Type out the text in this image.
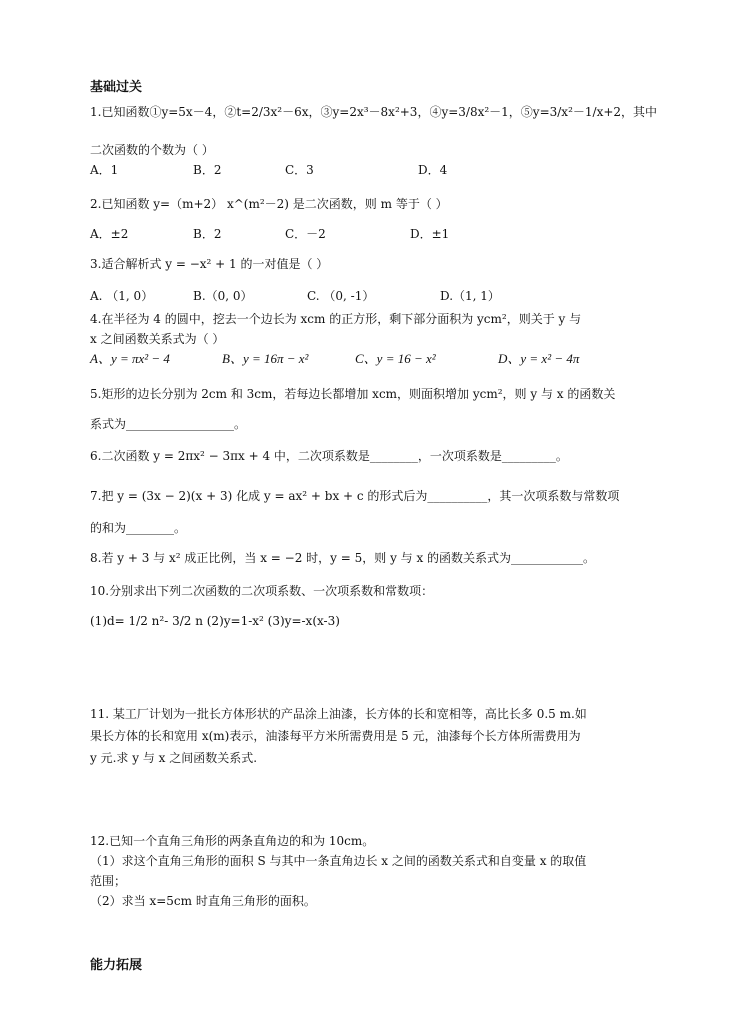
基础过关
1.已知函数①y=5x－4，②t=2/3x²－6x，③y=2x³－8x²+3，④y=3/8x²－1，⑤y=3/x²－1/x+2，其中
二次函数的个数为（ ）
A．1	B．2	C．3	D．4
2.已知函数 y=（m+2） x^(m²－2) 是二次函数，则 m 等于（ ）
A．±2	B．2	C．－2	D．±1
3.适合解析式 y = −x² + 1 的一对值是（ ）
A. （1, 0）	B.（0, 0）	C. （0, -1）	D.（1, 1）
4.在半径为 4 的圆中，挖去一个边长为 xcm 的正方形，剩下部分面积为 ycm²，则关于 y 与
x 之间函数关系式为（ ）
A、y = πx² − 4	B、y = 16π − x²	C、y = 16 − x²	D、y = x² − 4π
5.矩形的边长分别为 2cm 和 3cm，若每边长都增加 xcm，则面积增加 ycm²，则 y 与 x 的函数关
系式为__________________。
6.二次函数 y = 2πx² − 3πx + 4 中，二次项系数是________，一次项系数是_________。
7.把 y = (3x − 2)(x + 3) 化成 y = ax² + bx + c 的形式后为__________，其一次项系数与常数项
的和为________。
8.若 y + 3 与 x² 成正比例，当 x = −2 时，y = 5，则 y 与 x 的函数关系式为____________。
10.分别求出下列二次函数的二次项系数、一次项系数和常数项：
(1)d= 1/2 n²- 3/2 n (2)y=1-x² (3)y=-x(x-3)
11. 某工厂计划为一批长方体形状的产品涂上油漆，长方体的长和宽相等，高比长多 0.5 m.如
果长方体的长和宽用 x(m)表示，油漆每平方米所需费用是 5 元，油漆每个长方体所需费用为
y 元.求 y 与 x 之间函数关系式.
12.已知一个直角三角形的两条直角边的和为 10cm。
（1）求这个直角三角形的面积 S 与其中一条直角边长 x 之间的函数关系式和自变量 x 的取值
范围；
（2）求当 x=5cm 时直角三角形的面积。
能力拓展
